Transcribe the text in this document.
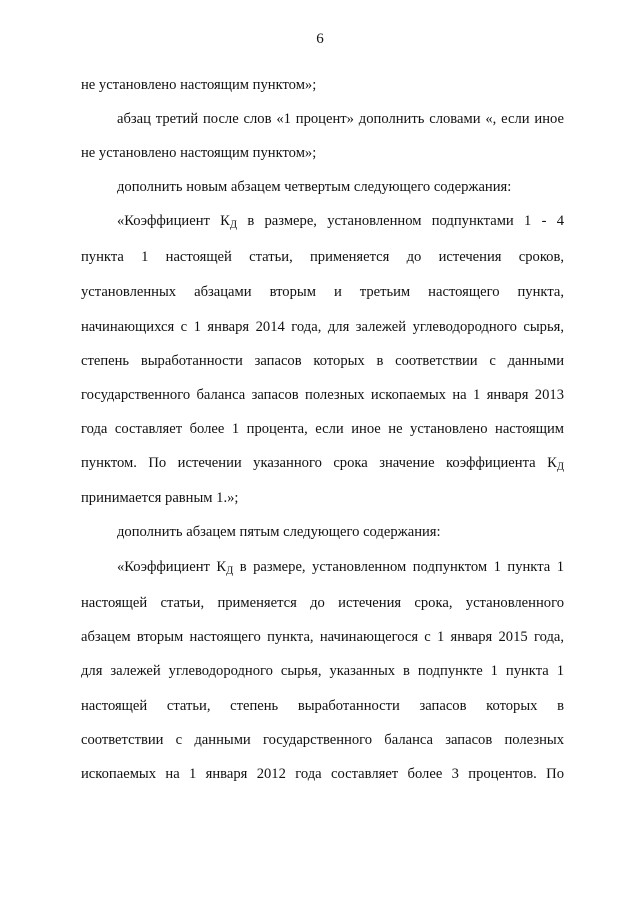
6
не установлено настоящим пунктом»;
абзац третий после слов «1 процент» дополнить словами «, если иное
не установлено настоящим пунктом»;
дополнить новым абзацем четвертым следующего содержания:
«Коэффициент $К_Д$ в размере, установленном подпунктами 1 - 4
пункта 1 настоящей статьи, применяется до истечения сроков,
установленных абзацами вторым и третьим настоящего пункта,
начинающихся с 1 января 2014 года, для залежей углеводородного сырья,
степень выработанности запасов которых в соответствии с данными
государственного баланса запасов полезных ископаемых на 1 января 2013
года составляет более 1 процента, если иное не установлено настоящим
пунктом. По истечении указанного срока значение коэффициента $К_Д$
принимается равным 1.»;
дополнить абзацем пятым следующего содержания:
«Коэффициент $К_Д$ в размере, установленном подпунктом 1 пункта 1
настоящей статьи, применяется до истечения срока, установленного
абзацем вторым настоящего пункта, начинающегося с 1 января 2015 года,
для залежей углеводородного сырья, указанных в подпункте 1 пункта 1
настоящей статьи, степень выработанности запасов которых в
соответствии с данными государственного баланса запасов полезных
ископаемых на 1 января 2012 года составляет более 3 процентов. По
